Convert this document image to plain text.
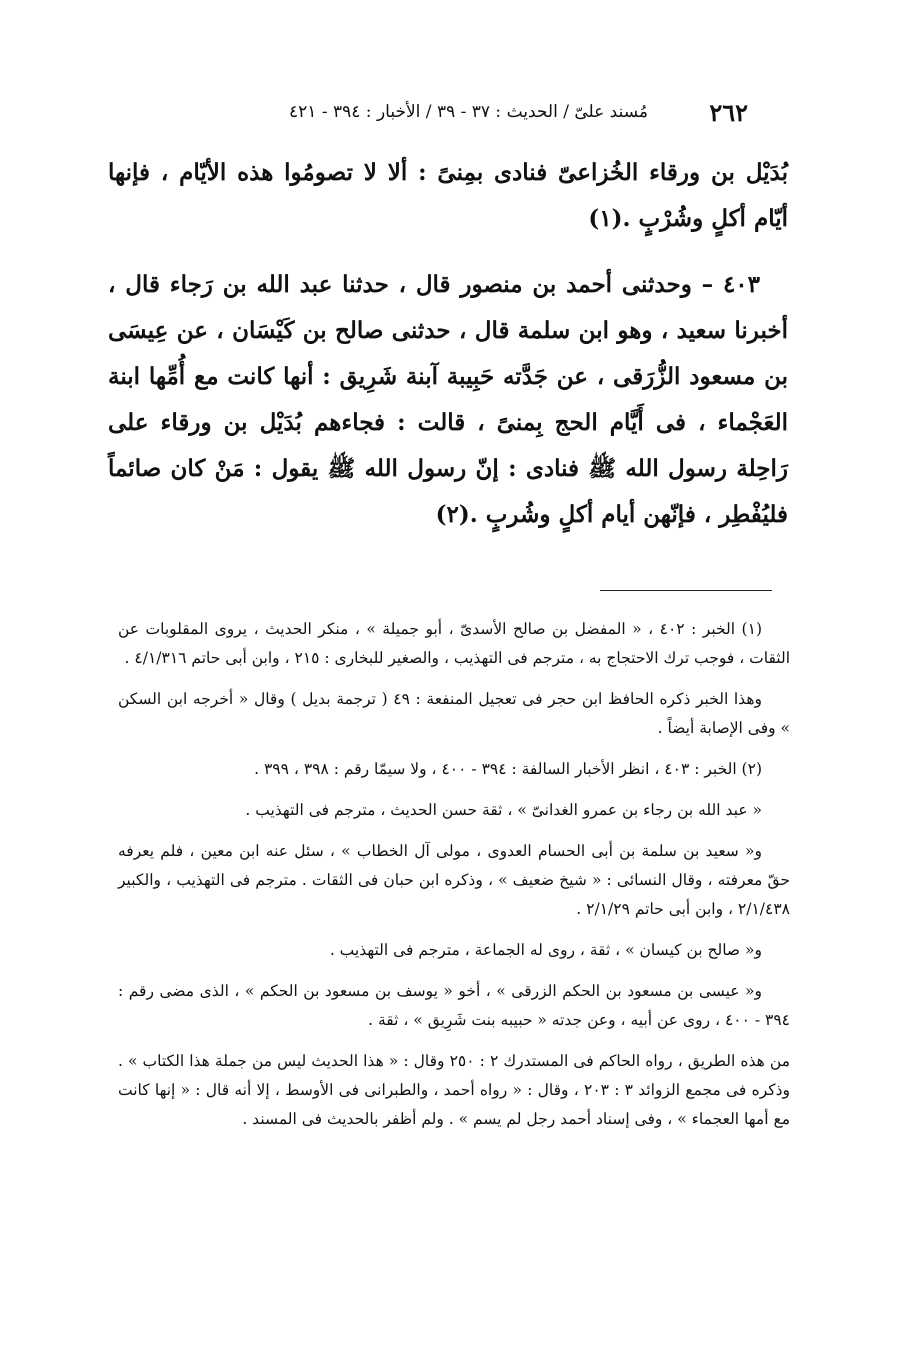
٢٦٢
مُسند علىّ / الحديث : ٣٧ - ٣٩ / الأخبار : ٣٩٤ - ٤٢١

بُدَيْل بن ورقاء الخُزاعىّ فنادى بمِنىً : ألا لا تصومُوا هذه الأيّام ، فإنها أيّام أكلٍ وشُرْبٍ .(١)

٤٠٣ – وحدثنى أحمد بن منصور قال ، حدثنا عبد الله بن رَجاء قال ، أخبرنا سعيد ، وهو ابن سلمة قال ، حدثنى صالح بن كَيْسَان ، عن عِيسَى بن مسعود الزُّرَقى ، عن جَدَّته حَبِيبة آبنة شَرِيق : أنها كانت مع أُمِّها ابنة العَجْماء ، فى أَيَّام الحج بِمنىً ، قالت : فجاءهم بُدَيْل بن ورقاء على رَاحِلة رسول الله ﷺ فنادى : إنّ رسول الله ﷺ يقول : مَنْ كان صائماً فليُفْطِر ، فإنّهن أيام أكلٍ وشُربٍ .(٢)

(١) الخبر : ٤٠٢ ، « المفضل بن صالح الأسدىّ ، أبو جميلة » ، منكر الحديث ، يروى المقلوبات عن الثقات ، فوجب ترك الاحتجاج به ، مترجم فى التهذيب ، والصغير للبخارى : ٢١٥ ، وابن أبى حاتم ٤/١/٣١٦ .

وهذا الخبر ذكره الحافظ ابن حجر فى تعجيل المنفعة : ٤٩ ( ترجمة بديل ) وقال « أخرجه ابن السكن » وفى الإصابة أيضاً .

(٢) الخبر : ٤٠٣ ، انظر الأخبار السالفة : ٣٩٤ - ٤٠٠ ، ولا سيمّا رقم : ٣٩٨ ، ٣٩٩ .

« عبد الله بن رجاء بن عمرو الغدانىّ » ، ثقة حسن الحديث ، مترجم فى التهذيب .

و« سعيد بن سلمة بن أبى الحسام العدوى ، مولى آل الخطاب » ، سئل عنه ابن معين ، فلم يعرفه حقّ معرفته ، وقال النسائى : « شيخ ضعيف » ، وذكره ابن حبان فى الثقات . مترجم فى التهذيب ، والكبير ٢/١/٤٣٨ ، وابن أبى حاتم ٢/١/٢٩ .

و« صالح بن كيسان » ، ثقة ، روى له الجماعة ، مترجم فى التهذيب .

و« عيسى بن مسعود بن الحكم الزرقى » ، أخو « يوسف بن مسعود بن الحكم » ، الذى مضى رقم : ٣٩٤ - ٤٠٠ ، روى عن أبيه ، وعن جدته « حبيبه بنت شَرِيق » ، ثقة .

من هذه الطريق ، رواه الحاكم فى المستدرك ٢ : ٢٥٠ وقال : « هذا الحديث ليس من جملة هذا الكتاب » . وذكره فى مجمع الزوائد ٣ : ٢٠٣ ، وقال : « رواه أحمد ، والطبرانى فى الأوسط ، إلا أنه قال : « إنها كانت مع أمها العجماء » ، وفى إسناد أحمد رجل لم يسم » . ولم أظفر بالحديث فى المسند .
